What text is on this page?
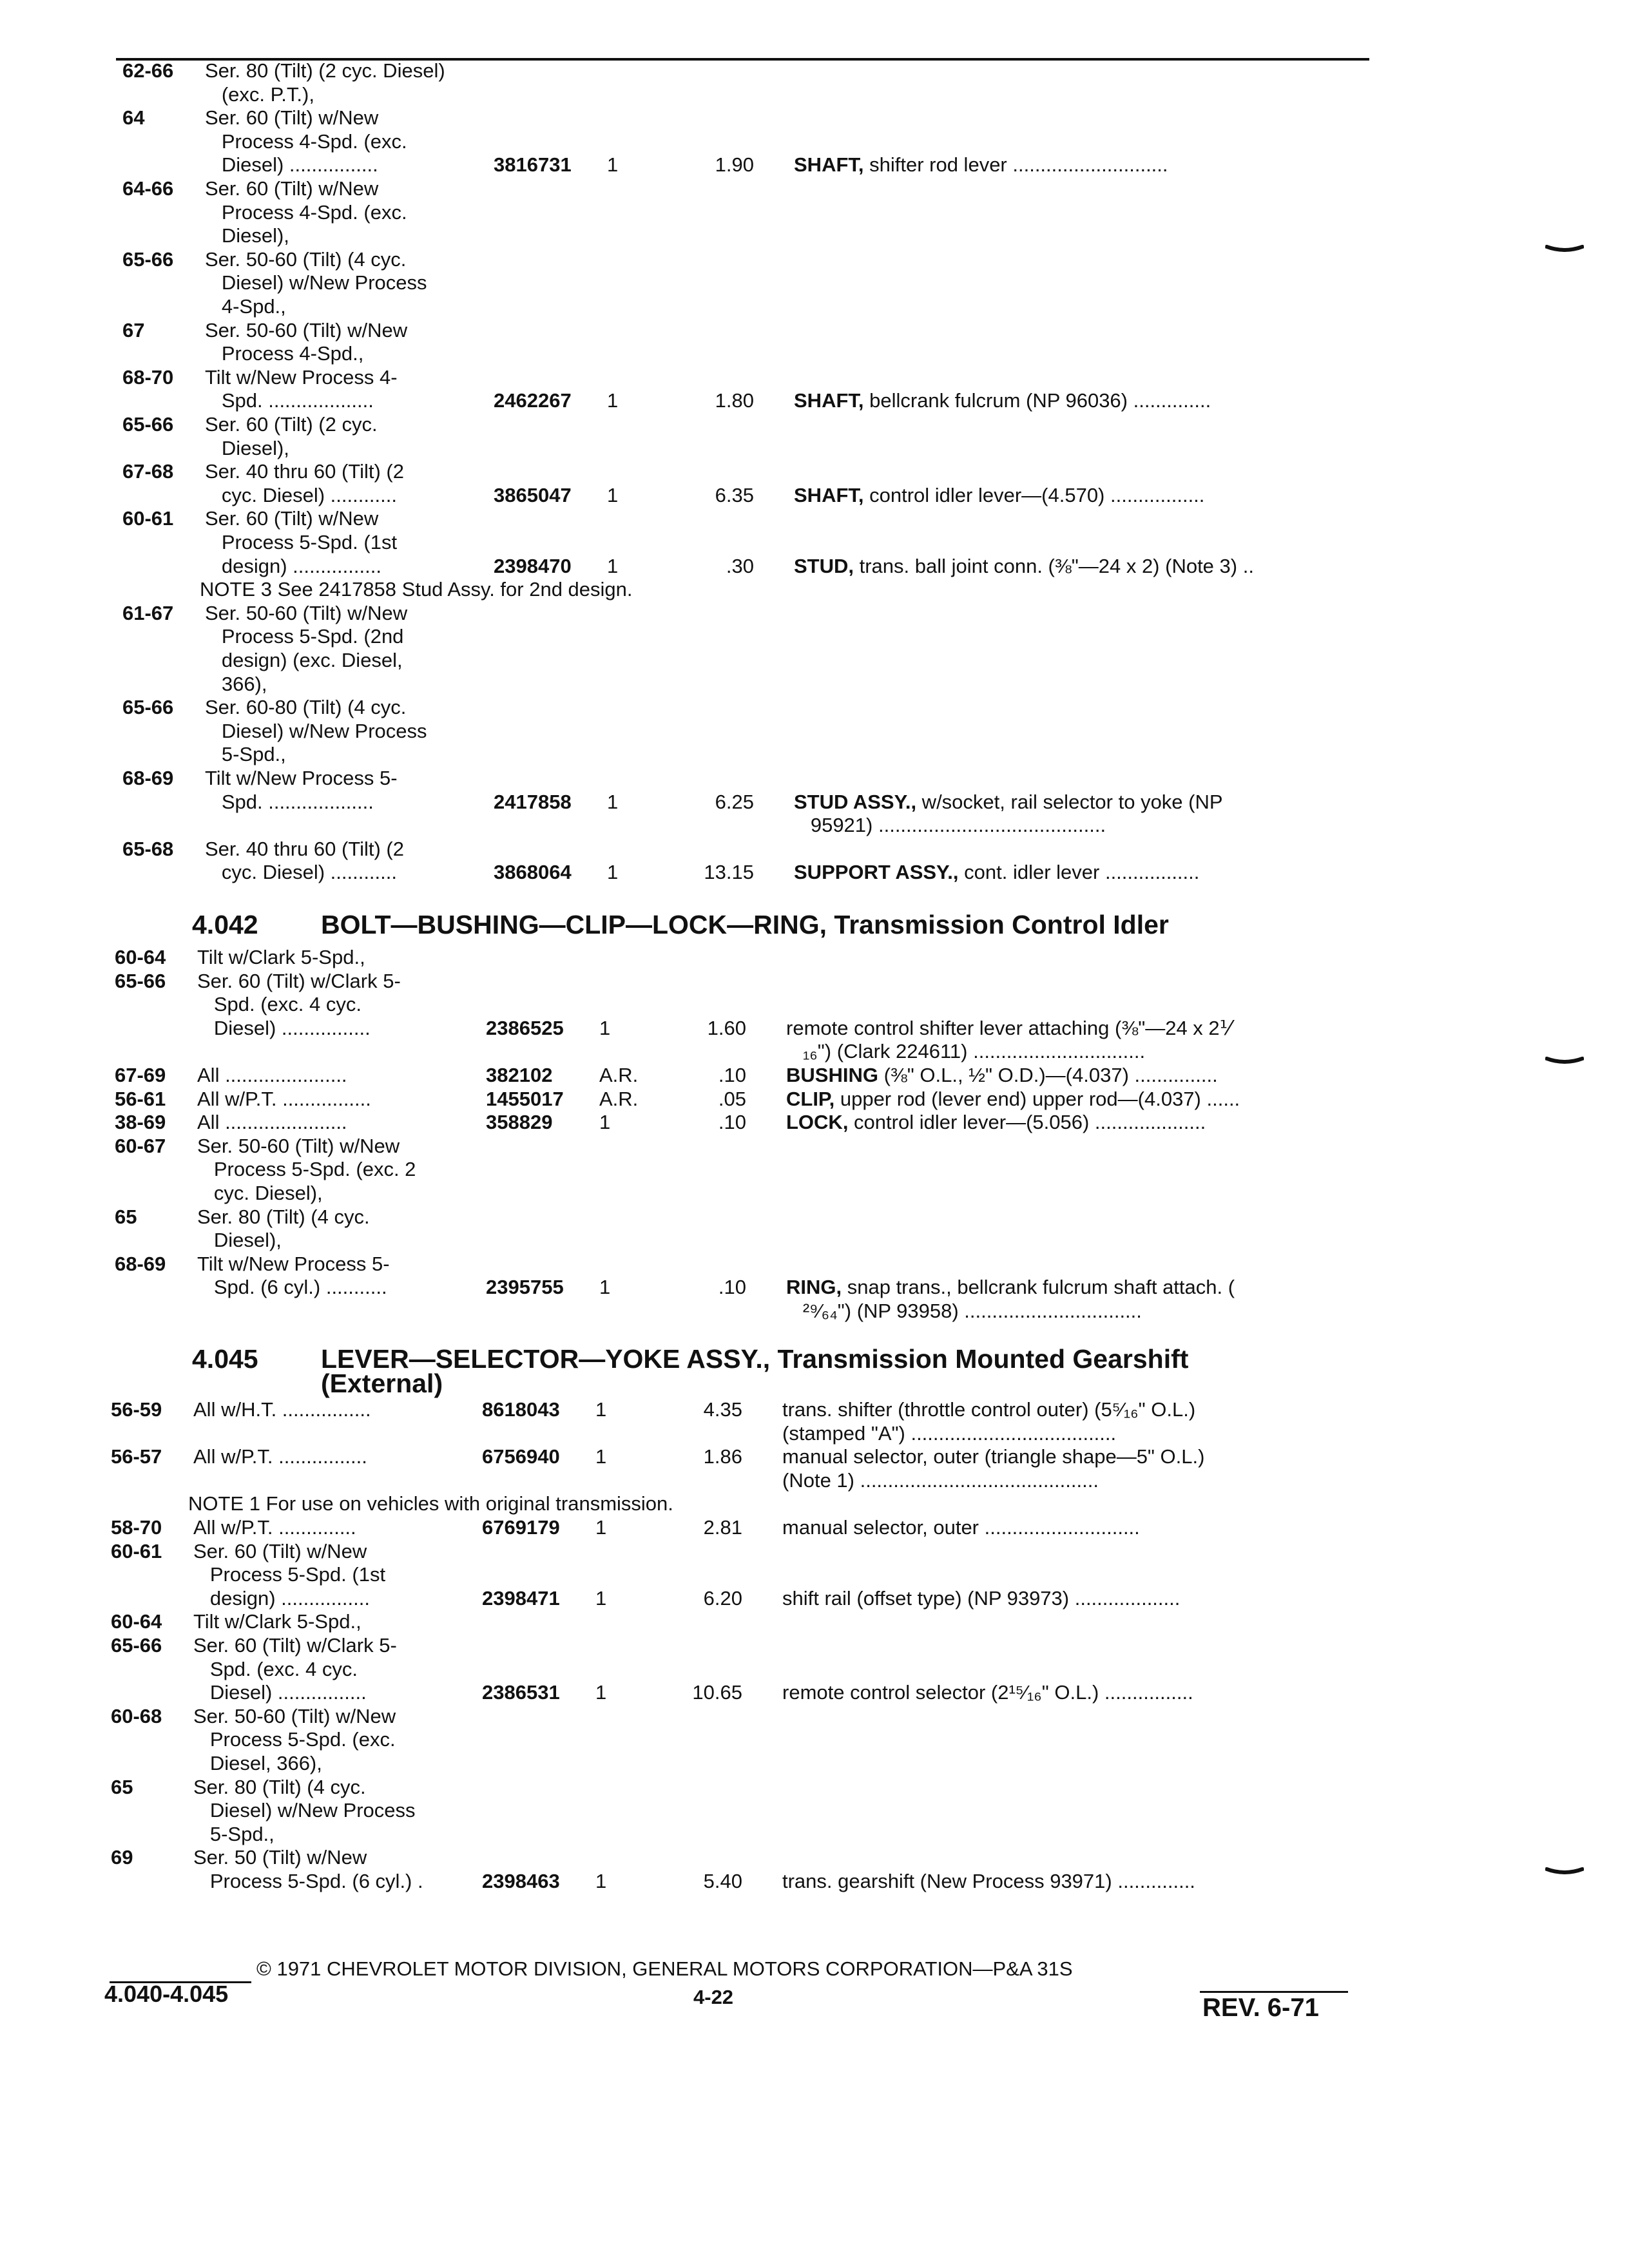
62-66 Ser. 80 (Tilt) (2 cyc. Diesel)
(exc. P.T.),
64	Ser. 60 (Tilt) w/New
Process 4-Spd. (exc.
Diesel) ................	3816731 1	1.90 SHAFT, shifter rod lever ............................
64-66 Ser. 60 (Tilt) w/New
Process 4-Spd. (exc.
Diesel),
65-66 Ser. 50-60 (Tilt) (4 cyc.
Diesel) w/New Process
4-Spd.,
67	Ser. 50-60 (Tilt) w/New
Process 4-Spd.,
68-70 Tilt w/New Process 4-
Spd. ...................	2462267 1	1.80 SHAFT, bellcrank fulcrum (NP 96036) ..............
65-66 Ser. 60 (Tilt) (2 cyc.
Diesel),
67-68 Ser. 40 thru 60 (Tilt) (2
cyc. Diesel) ............	3865047 1	6.35 SHAFT, control idler lever—(4.570) .................
60-61 Ser. 60 (Tilt) w/New
Process 5-Spd. (1st
design) ................	2398470 1	.30 STUD, trans. ball joint conn. (⅜"—24 x 2) (Note 3) ..
NOTE 3 See 2417858 Stud Assy. for 2nd design.
61-67 Ser. 50-60 (Tilt) w/New
Process 5-Spd. (2nd
design) (exc. Diesel,
366),
65-66 Ser. 60-80 (Tilt) (4 cyc.
Diesel) w/New Process
5-Spd.,
68-69 Tilt w/New Process 5-
Spd. ...................	2417858 1	6.25 STUD ASSY., w/socket, rail selector to yoke (NP
95921) .........................................
65-68 Ser. 40 thru 60 (Tilt) (2
cyc. Diesel) ............	3868064 1	13.15 SUPPORT ASSY., cont. idler lever .................
4.042 BOLT—BUSHING—CLIP—LOCK—RING, Transmission Control Idler
60-64 Tilt w/Clark 5-Spd.,
65-66 Ser. 60 (Tilt) w/Clark 5-
Spd. (exc. 4 cyc.
Diesel) ................	2386525 1	1.60 remote control shifter lever attaching (⅜"—24 x 2⅟
₁₆") (Clark 224611) ...............................
67-69 All ......................	382102 A.R.	.10 BUSHING (⅜" O.L., ½" O.D.)—(4.037) ...............
56-61 All w/P.T. ................	1455017 A.R.	.05 CLIP, upper rod (lever end) upper rod—(4.037) ......
38-69 All ......................	358829 1	.10 LOCK, control idler lever—(5.056) ....................
60-67 Ser. 50-60 (Tilt) w/New
Process 5-Spd. (exc. 2
cyc. Diesel),
65	Ser. 80 (Tilt) (4 cyc.
Diesel),
68-69 Tilt w/New Process 5-
Spd. (6 cyl.) ...........	2395755 1	.10 RING, snap trans., bellcrank fulcrum shaft attach. (
²⁹⁄₆₄") (NP 93958) ................................
4.045 LEVER—SELECTOR—YOKE ASSY., Transmission Mounted Gearshift
(External)
56-59 All w/H.T. ................	8618043 1	4.35 trans. shifter (throttle control outer) (5⁵⁄₁₆" O.L.)
(stamped "A") .....................................
56-57 All w/P.T. ................	6756940 1	1.86 manual selector, outer (triangle shape—5" O.L.)
(Note 1) ...........................................
NOTE 1 For use on vehicles with original transmission.
58-70 All w/P.T. ..............	6769179 1	2.81 manual selector, outer ............................
60-61 Ser. 60 (Tilt) w/New
Process 5-Spd. (1st
design) ................	2398471 1	6.20 shift rail (offset type) (NP 93973) ...................
60-64 Tilt w/Clark 5-Spd.,
65-66 Ser. 60 (Tilt) w/Clark 5-
Spd. (exc. 4 cyc.
Diesel) ................	2386531 1	10.65 remote control selector (2¹⁵⁄₁₆" O.L.) ................
60-68 Ser. 50-60 (Tilt) w/New
Process 5-Spd. (exc.
Diesel, 366),
65	Ser. 80 (Tilt) (4 cyc.
Diesel) w/New Process
5-Spd.,
69	Ser. 50 (Tilt) w/New
Process 5-Spd. (6 cyl.) .	2398463 1	5.40 trans. gearshift (New Process 93971) ..............
© 1971 CHEVROLET MOTOR DIVISION, GENERAL MOTORS CORPORATION—P&A 31S
4.040-4.045	4-22	REV. 6-71
